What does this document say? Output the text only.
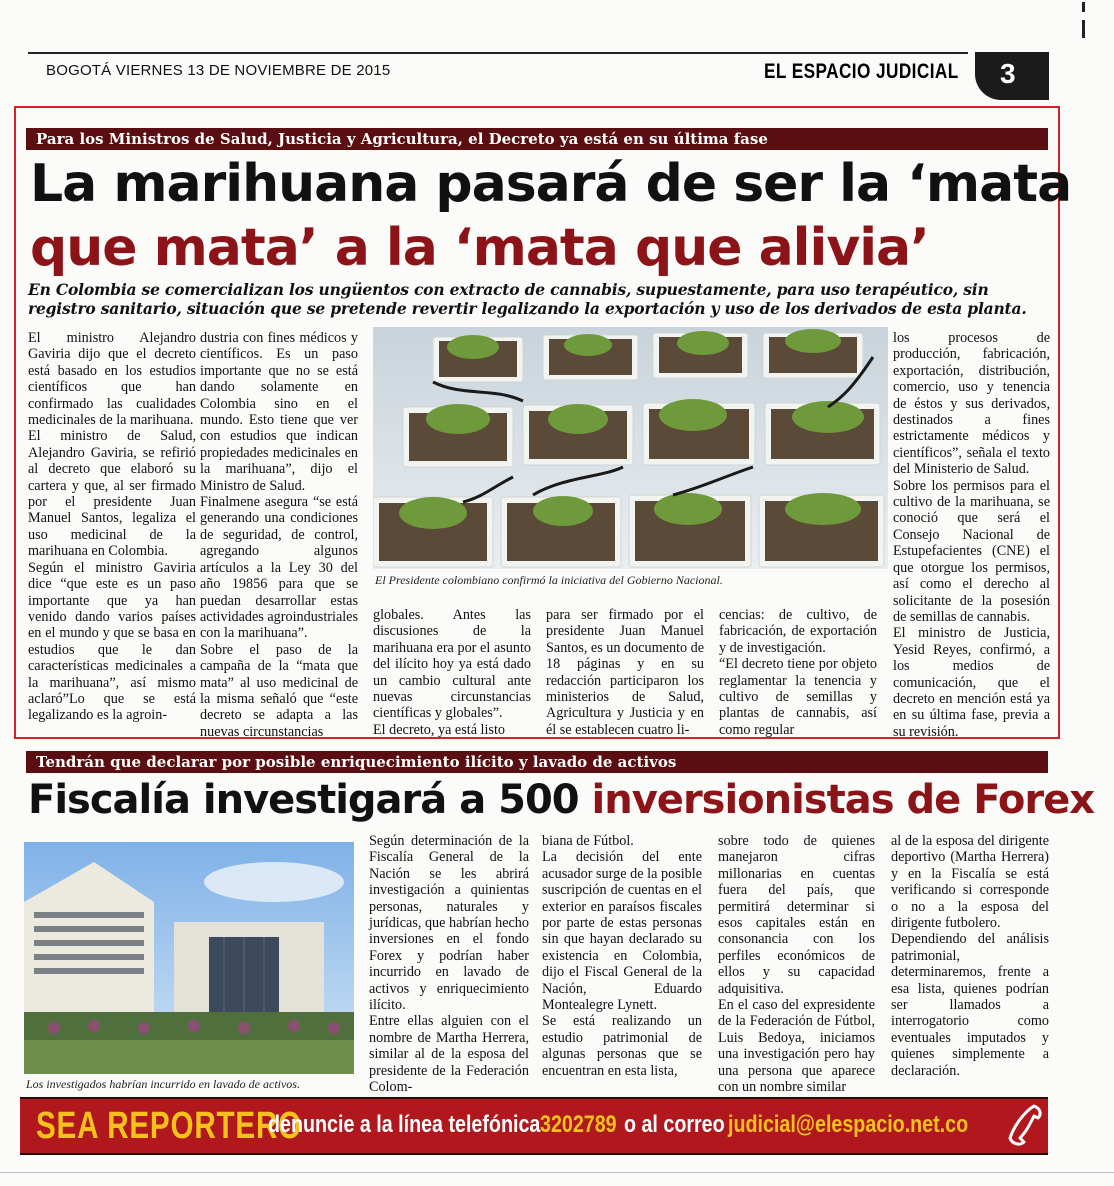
BOGOTÁ VIERNES 13 DE NOVIEMBRE DE 2015	EL ESPACIO JUDICIAL 3
Para los Ministros de Salud, Justicia y Agricultura, el Decreto ya está en su última fase
La marihuana pasará de ser la ‘mata
que mata’ a la ‘mata que alivia’
En Colombia se comercializan los ungüentos con extracto de cannabis, supuestamente, para uso terapéutico, sin registro sanitario, situación que se pretende revertir legalizando la exportación y uso de los derivados de esta planta.

El ministro Alejandro Gaviria dijo que el decreto está basado en los estudios científicos que han confirmado las cualidades medicinales de la marihuana.

El ministro de Salud, Alejandro Gaviria, se refirió al decreto que elaboró su cartera y que, al ser firmado por el presidente Juan Manuel Santos, legaliza el uso medicinal de la marihuana en Colombia.

Según el ministro Gaviria dice “que este es un paso importante que ya han venido dando varios países en el mundo y que se basa en estudios que le dan características medicinales a la marihuana”, así mismo aclaró”Lo que se está legalizando es la agroin-

dustria con fines médicos y científicos. Es un paso importante que no se está dando solamente en Colombia sino en el mundo. Esto tiene que ver con estudios que indican propiedades medicinales en la marihuana”, dijo el Ministro de Salud.

Finalmene asegura “se está generando una condiciones de seguridad, de control, agregando algunos artículos a la Ley 30 del año 19856 para que se puedan desarrollar estas actividades agroindustriales con la marihuana”.

Sobre el paso de la campaña de la “mata que mata” al uso medicinal de la misma señaló que “este decreto se adapta a las nuevas circunstancias

El Presidente colombiano confirmó la iniciativa del Gobierno Nacional.

globales. Antes las discusiones de la marihuana era por el asunto del ilícito hoy ya está dado un cambio cultural ante nuevas circunstancias científicas y globales”.

El decreto, ya está listo

para ser firmado por el presidente Juan Manuel Santos, es un documento de 18 páginas y en su redacción participaron los ministerios de Salud, Agricultura y Justicia y en él se establecen cuatro li-

cencias: de cultivo, de fabricación, de exportación y de investigación.

“El decreto tiene por objeto reglamentar la tenencia y cultivo de semillas y plantas de cannabis, así como regular

los procesos de producción, fabricación, exportación, distribución, comercio, uso y tenencia de éstos y sus derivados, destinados a fines estrictamente médicos y científicos”, señala el texto del Ministerio de Salud.

Sobre los permisos para el cultivo de la marihuana, se conoció que será el Consejo Nacional de Estupefacientes (CNE) el que otorgue los permisos, así como el derecho al solicitante de la posesión de semillas de cannabis.

El ministro de Justicia, Yesid Reyes, confirmó, a los medios de comunicación, que el decreto en mención está ya en su última fase, previa a su revisión.

Tendrán que declarar por posible enriquecimiento ilícito y lavado de activos
Fiscalía investigará a 500 inversionistas de Forex
Los investigados habrían incurrido en lavado de activos.

Según determinación de la Fiscalía General de la Nación se les abrirá investigación a quinientas personas, naturales y jurídicas, que habrían hecho inversiones en el fondo Forex y podrían haber incurrido en lavado de activos y enriquecimiento ilícito.

Entre ellas alguien con el nombre de Martha Herrera, similar al de la esposa del presidente de la Federación Colom-

biana de Fútbol.

La decisión del ente acusador surge de la posible suscripción de cuentas en el exterior en paraísos fiscales por parte de estas personas sin que hayan declarado su existencia en Colombia, dijo el Fiscal General de la Nación, Eduardo Montealegre Lynett.

Se está realizando un estudio patrimonial de algunas personas que se encuentran en esta lista,

sobre todo de quienes manejaron cifras millonarias en cuentas fuera del país, que permitirá determinar si esos capitales están en consonancia con los perfiles económicos de ellos y su capacidad adquisitiva.

En el caso del expresidente de la Federación de Fútbol, Luis Bedoya, iniciamos una investigación pero hay una persona que aparece con un nombre similar

al de la esposa del dirigente deportivo (Martha Herrera) y en la Fiscalía se está verificando si corresponde o no a la esposa del dirigente futbolero.

Dependiendo del análisis patrimonial, determinaremos, frente a esa lista, quienes podrían ser llamados a interrogatorio como eventuales imputados y quienes simplemente a declaración.

SEA REPORTERO
denuncie a la línea telefónica 3202789 o al correo judicial@elespacio.net.co
